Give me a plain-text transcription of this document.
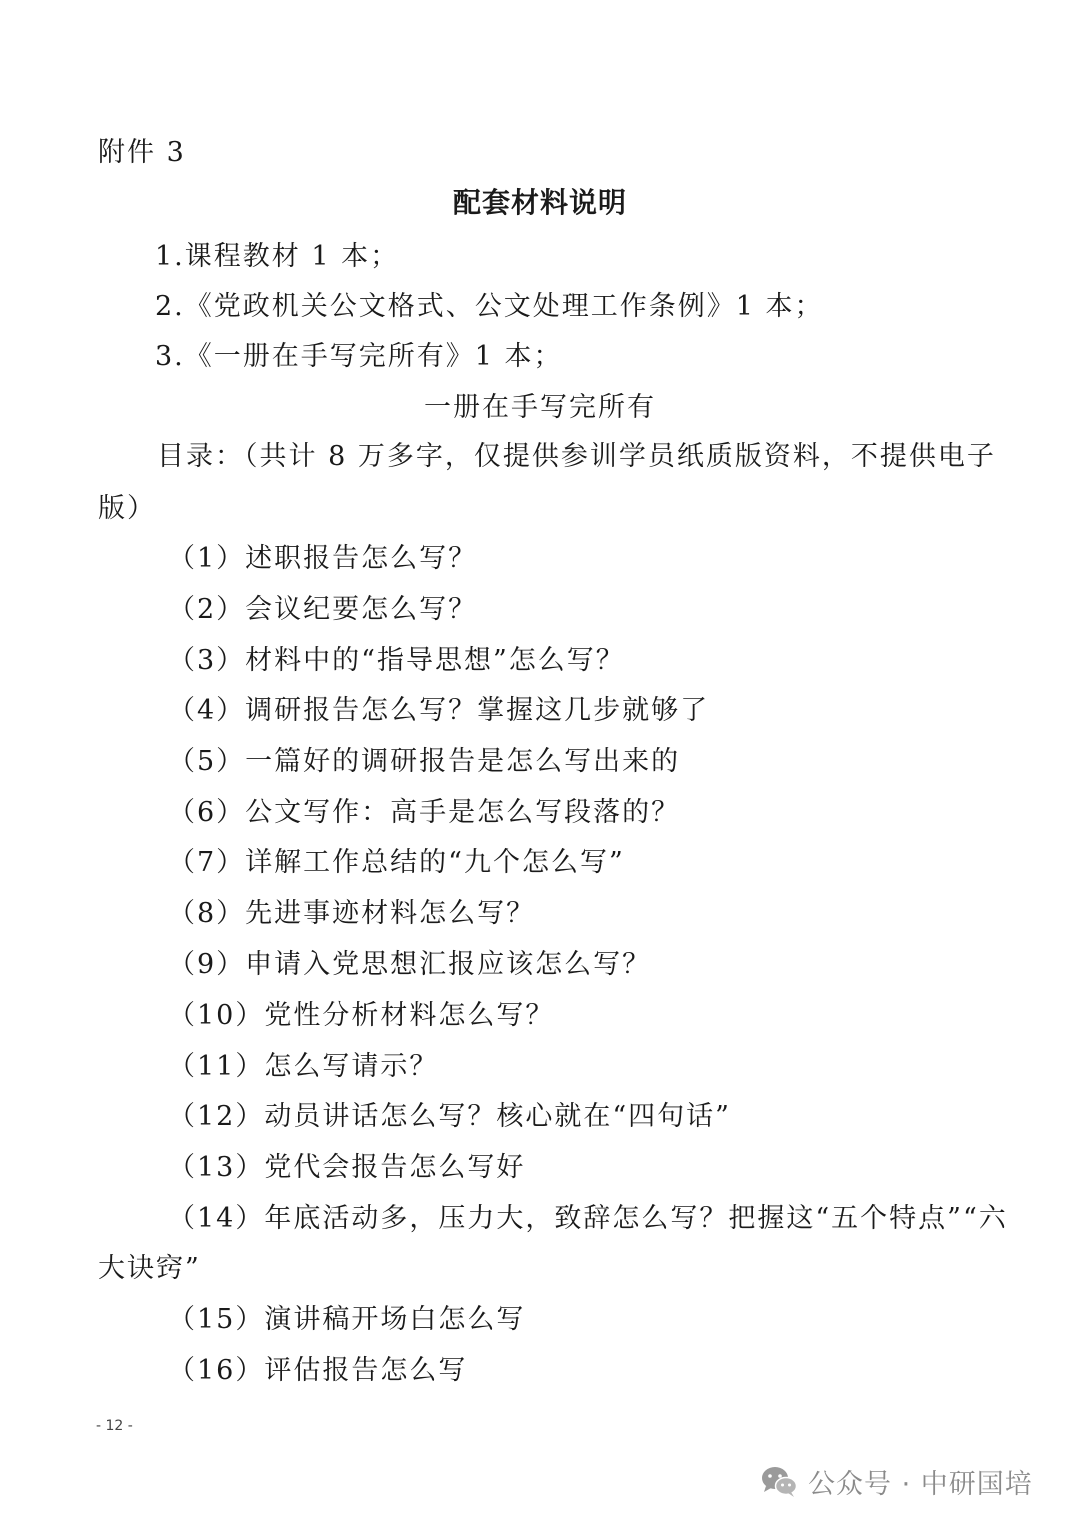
附件 3
配套材料说明
1.课程教材 1 本；
2.《党政机关公文格式、公文处理工作条例》1 本；
3.《一册在手写完所有》1 本；
一册在手写完所有
目录：（共计 8 万多字，仅提供参训学员纸质版资料，不提供电子
版）
（1）述职报告怎么写？
（2）会议纪要怎么写？
（3）材料中的“指导思想”怎么写？
（4）调研报告怎么写？掌握这几步就够了
（5）一篇好的调研报告是怎么写出来的
（6）公文写作：高手是怎么写段落的？
（7）详解工作总结的“九个怎么写”
（8）先进事迹材料怎么写？
（9）申请入党思想汇报应该怎么写？
（10）党性分析材料怎么写？
（11）怎么写请示？
（12）动员讲话怎么写？核心就在“四句话”
（13）党代会报告怎么写好
（14）年底活动多，压力大，致辞怎么写？把握这“五个特点”“六
大诀窍”
（15）演讲稿开场白怎么写
（16）评估报告怎么写
- 12 -
公众号 · 中研国培
